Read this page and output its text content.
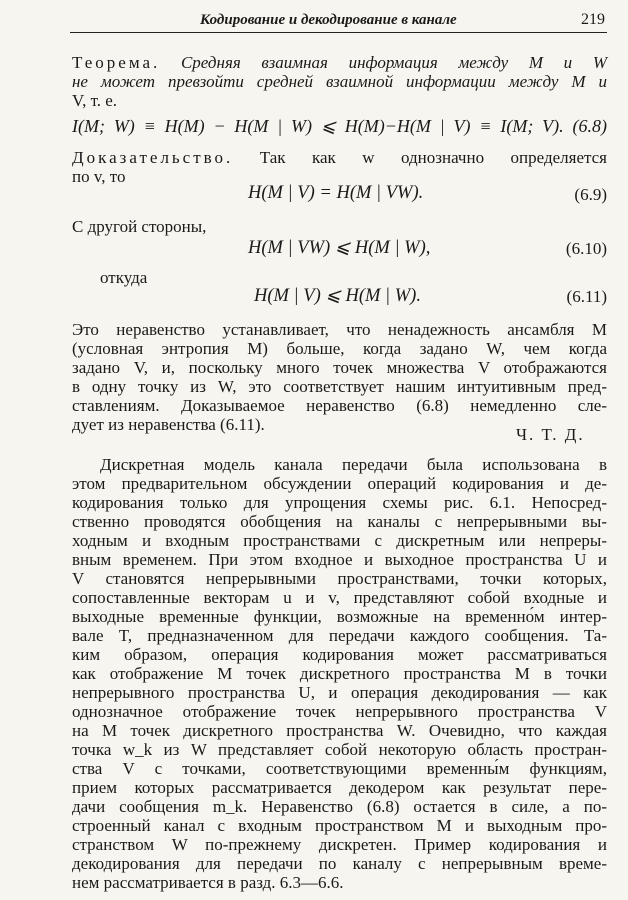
Кодирование и декодирование в канале	219
Теорема. Средняя взаимная информация между M и W
не может превзойти средней взаимной информации между M и
V, т. е.
I(M; W) ≡ H(M) − H(M | W) ⩽ H(M)−H(M | V) ≡ I(M; V). (6.8)
Доказательство. Так как w однозначно определяется
по v, то
H(M | V) = H(M | VW).	(6.9)
С другой стороны,
H(M | VW) ⩽ H(M | W),	(6.10)
откуда
H(M | V) ⩽ H(M | W).	(6.11)
Это неравенство устанавливает, что ненадежность ансамбля M
(условная энтропия M) больше, когда задано W, чем когда
задано V, и, поскольку много точек множества V отображаются
в одну точку из W, это соответствует нашим интуитивным пред-
ставлениям. Доказываемое неравенство (6.8) немедленно сле-
дует из неравенства (6.11).
Ч. Т. Д.
Дискретная модель канала передачи была использована в
этом предварительном обсуждении операций кодирования и де-
кодирования только для упрощения схемы рис. 6.1. Непосред-
ственно проводятся обобщения на каналы с непрерывными вы-
ходным и входным пространствами с дискретным или непреры-
вным временем. При этом входное и выходное пространства U и
V становятся непрерывными пространствами, точки которых,
сопоставленные векторам u и v, представляют собой входные и
выходные временные функции, возможные на временно́м интер-
вале T, предназначенном для передачи каждого сообщения. Та-
ким образом, операция кодирования может рассматриваться
как отображение M точек дискретного пространства M в точки
непрерывного пространства U, и операция декодирования — как
однозначное отображение точек непрерывного пространства V
на M точек дискретного пространства W. Очевидно, что каждая
точка w_k из W представляет собой некоторую область простран-
ства V с точками, соответствующими временны́м функциям,
прием которых рассматривается декодером как результат пере-
дачи сообщения m_k. Неравенство (6.8) остается в силе, а по-
строенный канал с входным пространством M и выходным про-
странством W по-прежнему дискретен. Пример кодирования и
декодирования для передачи по каналу с непрерывным време-
нем рассматривается в разд. 6.3—6.6.
